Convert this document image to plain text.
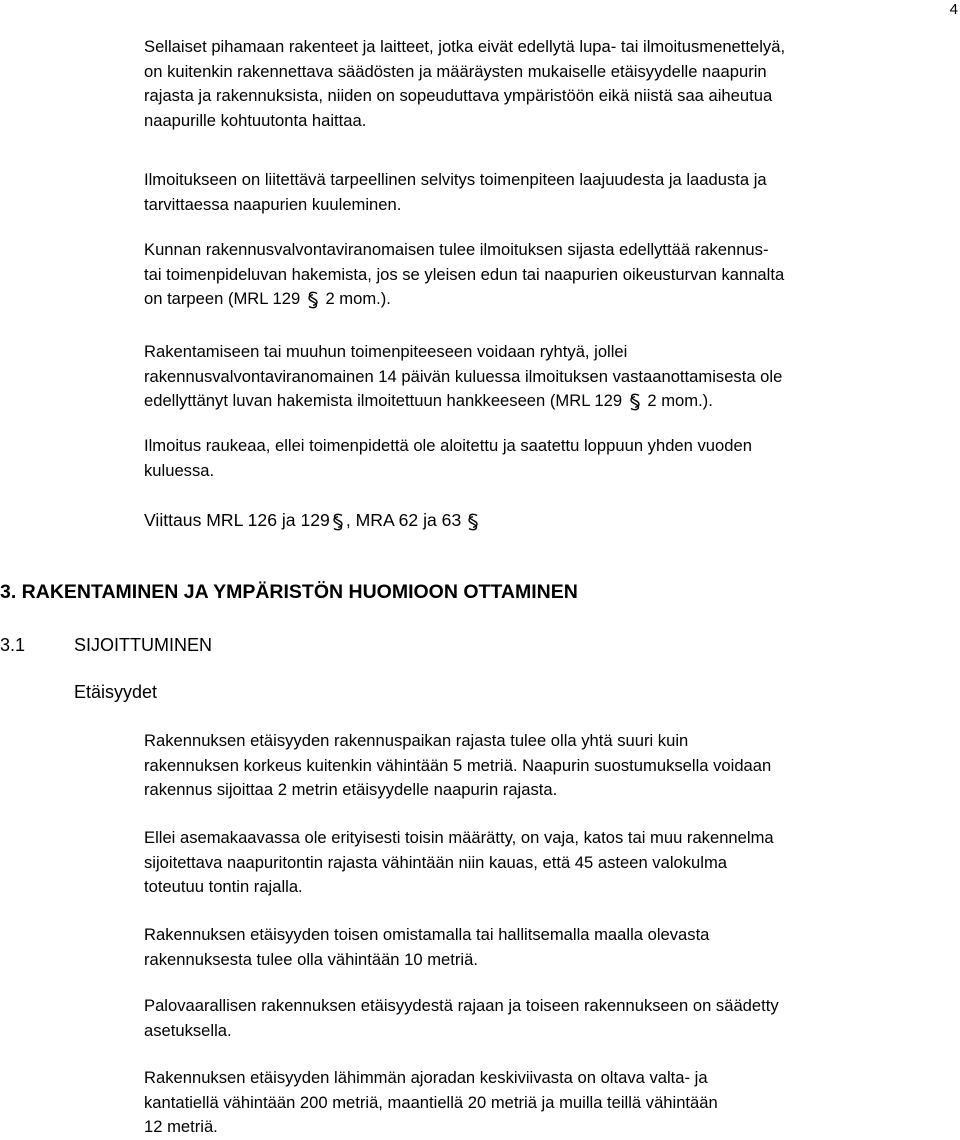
4

Sellaiset pihamaan rakenteet ja laitteet, jotka eivät edellytä lupa- tai ilmoitusmenettelyä,
on kuitenkin rakennettava säädösten ja määräysten mukaiselle etäisyydelle naapurin
rajasta ja rakennuksista, niiden on sopeuduttava ympäristöön eikä niistä saa aiheutua
naapurille kohtuutonta haittaa.

Ilmoitukseen on liitettävä tarpeellinen selvitys toimenpiteen laajuudesta ja laadusta ja
tarvittaessa naapurien kuuleminen.

Kunnan rakennusvalvontaviranomaisen tulee ilmoituksen sijasta edellyttää rakennus-
tai toimenpideluvan hakemista, jos se yleisen edun tai naapurien oikeusturvan kannalta
on tarpeen (MRL 129 2 mom.).

Rakentamiseen tai muuhun toimenpiteeseen voidaan ryhtyä, jollei
rakennusvalvontaviranomainen 14 päivän kuluessa ilmoituksen vastaanottamisesta ole
edellyttänyt luvan hakemista ilmoitettuun hankkeeseen (MRL 129 2 mom.).

Ilmoitus raukeaa, ellei toimenpidettä ole aloitettu ja saatettu loppuun yhden vuoden
kuluessa.

Viittaus MRL 126 ja 129 , MRA 62 ja 63

3. RAKENTAMINEN JA YMPÄRISTÖN HUOMIOON OTTAMINEN
3.1	SIJOITTUMINEN
Etäisyydet

Rakennuksen etäisyyden rakennuspaikan rajasta tulee olla yhtä suuri kuin
rakennuksen korkeus kuitenkin vähintään 5 metriä. Naapurin suostumuksella voidaan
rakennus sijoittaa 2 metrin etäisyydelle naapurin rajasta.

Ellei asemakaavassa ole erityisesti toisin määrätty, on vaja, katos tai muu rakennelma
sijoitettava naapuritontin rajasta vähintään niin kauas, että 45 asteen valokulma
toteutuu tontin rajalla.

Rakennuksen etäisyyden toisen omistamalla tai hallitsemalla maalla olevasta
rakennuksesta tulee olla vähintään 10 metriä.

Palovaarallisen rakennuksen etäisyydestä rajaan ja toiseen rakennukseen on säädetty
asetuksella.

Rakennuksen etäisyyden lähimmän ajoradan keskiviivasta on oltava valta- ja
kantatiellä vähintään 200 metriä, maantiellä 20 metriä ja muilla teillä vähintään
12 metriä.
